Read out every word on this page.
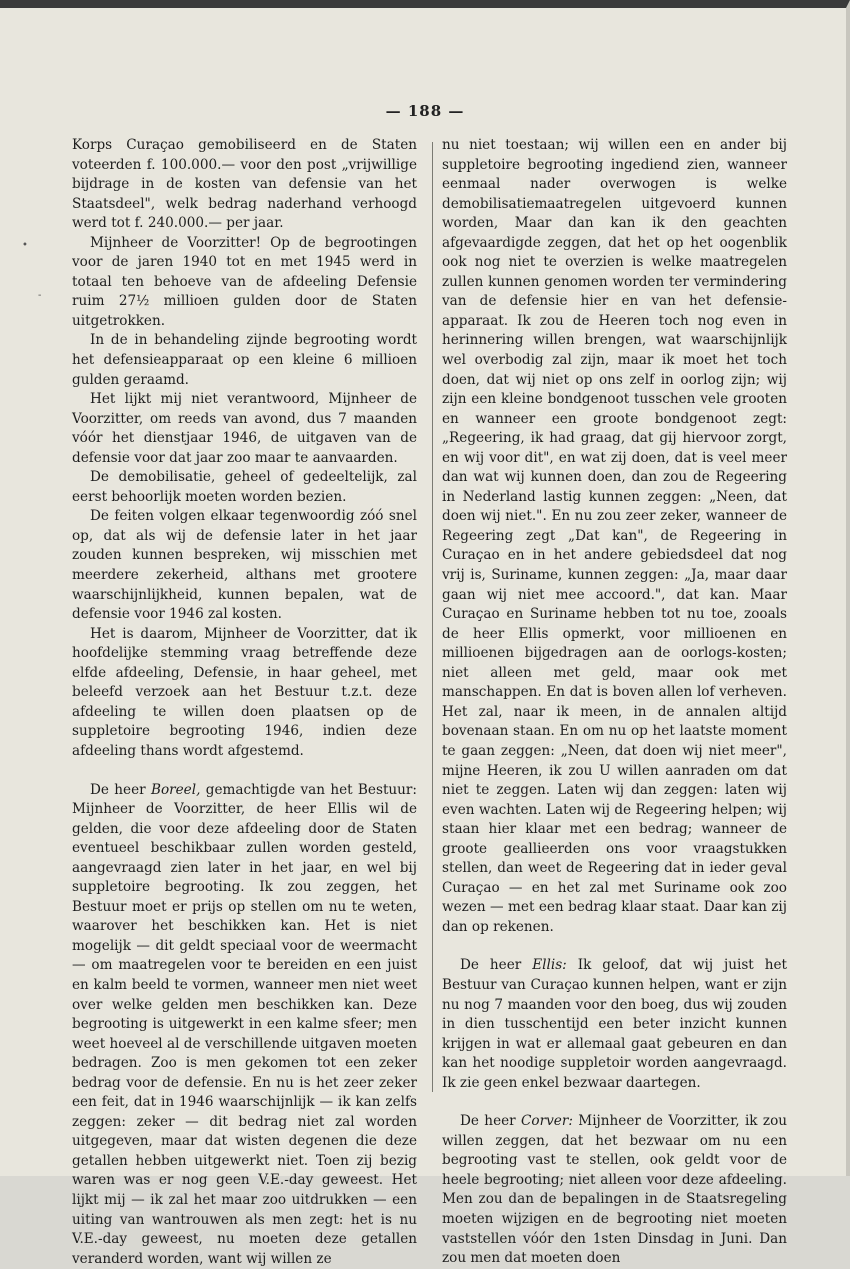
— 188 —
•
-

Korps Curaçao gemobiliseerd en de Staten voteerden f. 100.000.— voor den post „vrijwillige bijdrage in de kosten van defensie van het Staatsdeel", welk bedrag naderhand verhoogd werd tot f. 240.000.— per jaar.

Mijnheer de Voorzitter! Op de begrootingen voor de jaren 1940 tot en met 1945 werd in totaal ten behoeve van de afdeeling Defensie ruim 27½ millioen gulden door de Staten uitgetrokken.

In de in behandeling zijnde begrooting wordt het defensieapparaat op een kleine 6 millioen gulden geraamd.

Het lijkt mij niet verantwoord, Mijnheer de Voorzitter, om reeds van avond, dus 7 maanden vóór het dienstjaar 1946, de uitgaven van de defensie voor dat jaar zoo maar te aanvaarden.

De demobilisatie, geheel of gedeeltelijk, zal eerst behoorlijk moeten worden bezien.

De feiten volgen elkaar tegenwoordig zóó snel op, dat als wij de defensie later in het jaar zouden kunnen bespreken, wij misschien met meerdere zekerheid, althans met grootere waarschijnlijkheid, kunnen bepalen, wat de defensie voor 1946 zal kosten.

Het is daarom, Mijnheer de Voorzitter, dat ik hoofdelijke stemming vraag betreffende deze elfde afdeeling, Defensie, in haar geheel, met beleefd verzoek aan het Bestuur t.z.t. deze afdeeling te willen doen plaatsen op de suppletoire begrooting 1946, indien deze afdeeling thans wordt afgestemd.

De heer Boreel, gemachtigde van het Bestuur: Mijnheer de Voorzitter, de heer Ellis wil de gelden, die voor deze afdeeling door de Staten eventueel beschikbaar zullen worden gesteld, aangevraagd zien later in het jaar, en wel bij suppletoire begrooting. Ik zou zeggen, het Bestuur moet er prijs op stellen om nu te weten, waarover het beschikken kan. Het is niet mogelijk — dit geldt speciaal voor de weermacht — om maatregelen voor te bereiden en een juist en kalm beeld te vormen, wanneer men niet weet over welke gelden men beschikken kan. Deze begrooting is uitgewerkt in een kalme sfeer; men weet hoeveel al de verschillende uitgaven moeten bedragen. Zoo is men gekomen tot een zeker bedrag voor de defensie. En nu is het zeer zeker een feit, dat in 1946 waarschijnlijk — ik kan zelfs zeggen: zeker — dit bedrag niet zal worden uitgegeven, maar dat wisten degenen die deze getallen hebben uitgewerkt niet. Toen zij bezig waren was er nog geen V.E.-day geweest. Het lijkt mij — ik zal het maar zoo uitdrukken — een uiting van wantrouwen als men zegt: het is nu V.E.-day geweest, nu moeten deze getallen veranderd worden, want wij willen ze

nu niet toestaan; wij willen een en ander bij suppletoire begrooting ingediend zien, wanneer eenmaal nader overwogen is welke demobilisatiemaatregelen uitgevoerd kunnen worden, Maar dan kan ik den geachten afgevaardigde zeggen, dat het op het oogenblik ook nog niet te overzien is welke maatregelen zullen kunnen genomen worden ter vermindering van de defensie hier en van het defensie-apparaat. Ik zou de Heeren toch nog even in herinnering willen brengen, wat waarschijnlijk wel overbodig zal zijn, maar ik moet het toch doen, dat wij niet op ons zelf in oorlog zijn; wij zijn een kleine bondgenoot tusschen vele grooten en wanneer een groote bondgenoot zegt: „Regeering, ik had graag, dat gij hiervoor zorgt, en wij voor dit", en wat zij doen, dat is veel meer dan wat wij kunnen doen, dan zou de Regeering in Nederland lastig kunnen zeggen: „Neen, dat doen wij niet.". En nu zou zeer zeker, wanneer de Regeering zegt „Dat kan", de Regeering in Curaçao en in het andere gebiedsdeel dat nog vrij is, Suriname, kunnen zeggen: „Ja, maar daar gaan wij niet mee accoord.", dat kan. Maar Curaçao en Suriname hebben tot nu toe, zooals de heer Ellis opmerkt, voor millioenen en millioenen bijgedragen aan de oorlogs-kosten; niet alleen met geld, maar ook met manschappen. En dat is boven allen lof verheven. Het zal, naar ik meen, in de annalen altijd bovenaan staan. En om nu op het laatste moment te gaan zeggen: „Neen, dat doen wij niet meer", mijne Heeren, ik zou U willen aanraden om dat niet te zeggen. Laten wij dan zeggen: laten wij even wachten. Laten wij de Regeering helpen; wij staan hier klaar met een bedrag; wanneer de groote geallieerden ons voor vraagstukken stellen, dan weet de Regeering dat in ieder geval Curaçao — en het zal met Suriname ook zoo wezen — met een bedrag klaar staat. Daar kan zij dan op rekenen.

De heer Ellis: Ik geloof, dat wij juist het Bestuur van Curaçao kunnen helpen, want er zijn nu nog 7 maanden voor den boeg, dus wij zouden in dien tusschentijd een beter inzicht kunnen krijgen in wat er allemaal gaat gebeuren en dan kan het noodige suppletoir worden aangevraagd. Ik zie geen enkel bezwaar daartegen.

De heer Corver: Mijnheer de Voorzitter, ik zou willen zeggen, dat het bezwaar om nu een begrooting vast te stellen, ook geldt voor de heele begrooting; niet alleen voor deze afdeeling. Men zou dan de bepalingen in de Staatsregeling moeten wijzigen en de begrooting niet moeten vaststellen vóór den 1sten Dinsdag in Juni. Dan zou men dat moeten doen
